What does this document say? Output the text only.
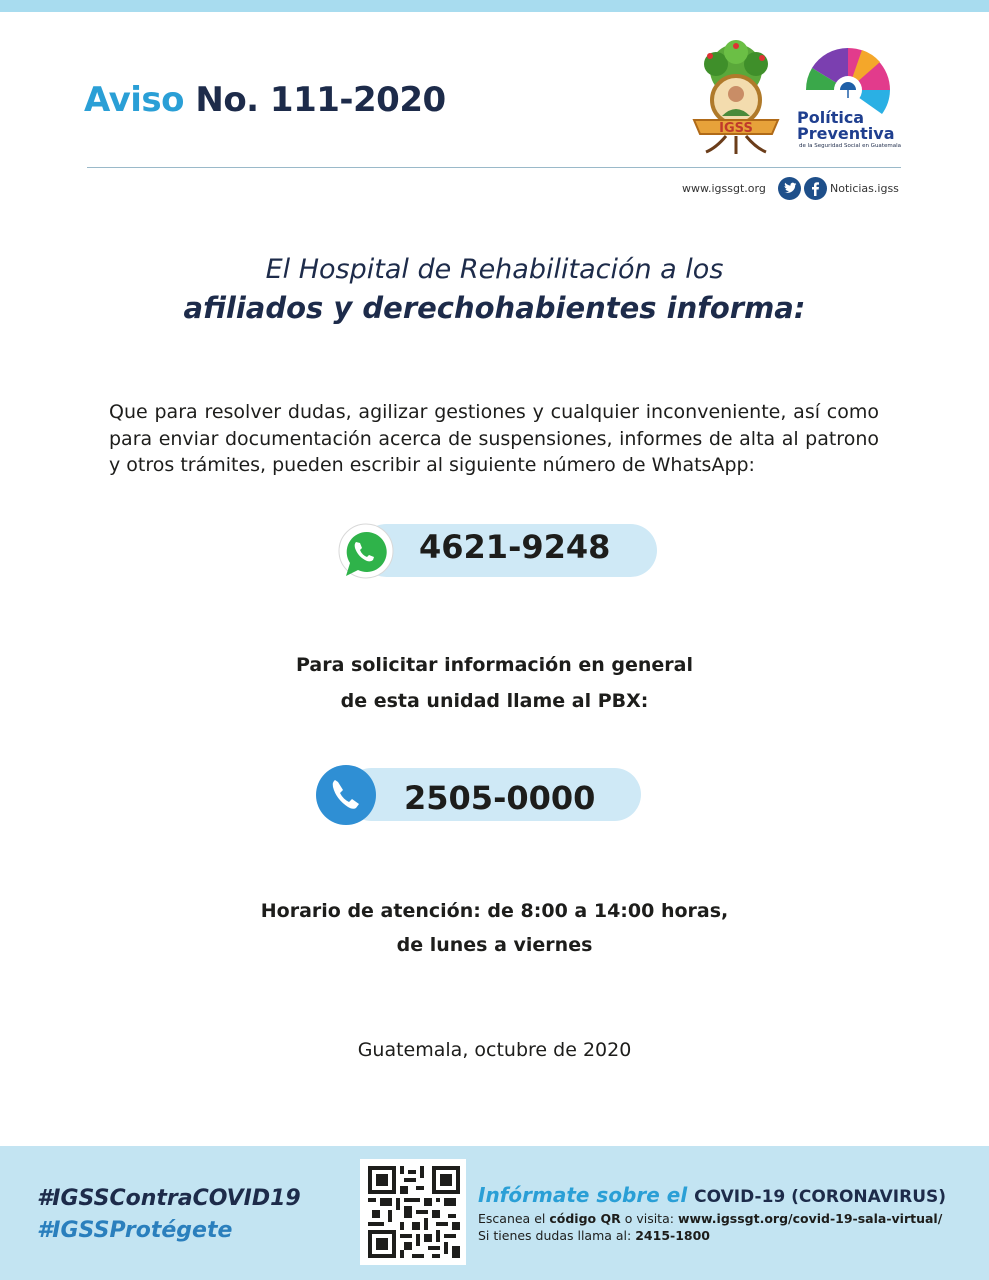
Aviso No. 111-2020
IGSS
Política
Preventiva
de la Seguridad Social en Guatemala
www.igssgt.org	Noticias.igss
El Hospital de Rehabilitación a los
afiliados y derechohabientes informa:
Que para resolver dudas, agilizar gestiones y cualquier inconveniente, así como para enviar documentación acerca de suspensiones, informes de alta al patrono y otros trámites, pueden escribir al siguiente número de WhatsApp:
4621-9248
Para solicitar información en general
de esta unidad llame al PBX:
2505-0000
Horario de atención: de 8:00 a 14:00 horas,
de lunes a viernes
Guatemala, octubre de 2020
#IGSSContraCOVID19
#IGSSProtégete
Infórmate sobre el COVID-19 (CORONAVIRUS)
Escanea el código QR o visita: www.igssgt.org/covid-19-sala-virtual/
Si tienes dudas llama al: 2415-1800
